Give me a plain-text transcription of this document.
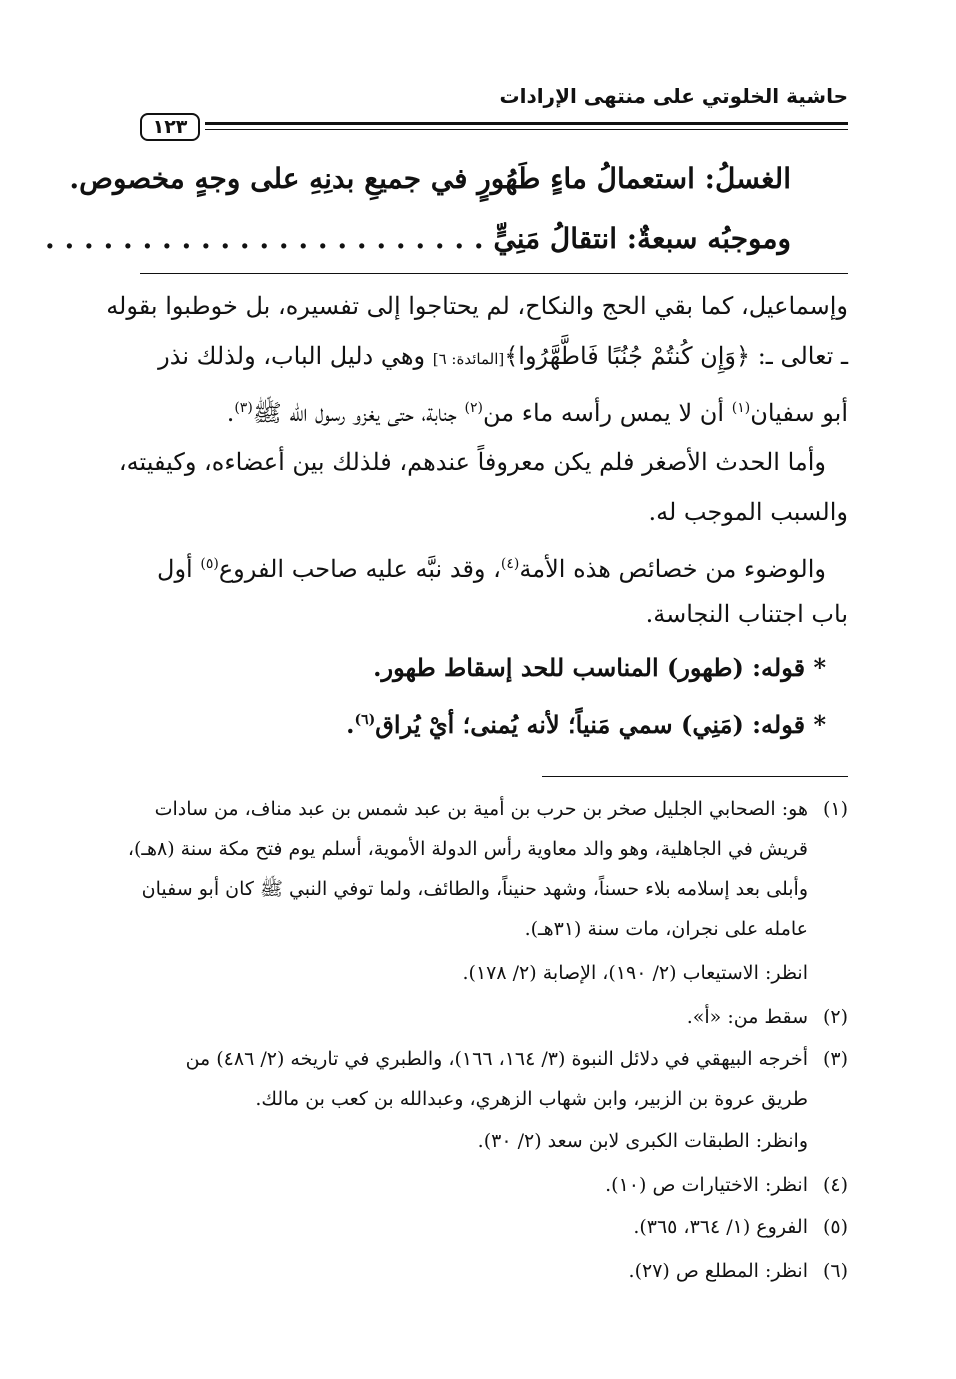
حاشية الخلوتي على منتهى الإرادات
١٢٣
الغسلُ: استعمالُ ماءٍ طَهُورٍ في جميعِ بدنِهِ على وجهٍ مخصوص.
وموجبُه سبعةٌ: انتقالُ مَنِيٍّ . . . . . . . . . . . . . . . . . . . . . . .
وإسماعيل، كما بقي الحج والنكاح، لم يحتاجوا إلى تفسيره، بل خوطبوا بقوله
ـ تعالى ـ: ﴿وَإِن كُنتُمْ جُنُبًا فَاطَّهَّرُوا﴾[المائدة: ٦] وهي دليل الباب، ولذلك نذر
أبو سفيان$^{(١)}$ أن لا يمس رأسه ماء من$^{(٢)}$ جنابة، حتى يغزو رسول الله ﷺ$^{(٣)}$.
وأما الحدث الأصغر فلم يكن معروفاً عندهم، فلذلك بين أعضاءه، وكيفيته،
والسبب الموجب له.
والوضوء من خصائص هذه الأمة$^{(٤)}$، وقد نبَّه عليه صاحب الفروع$^{(٥)}$ أول
باب اجتناب النجاسة.
* قوله: (طهور) المناسب للحد إسقاط طهور.
* قوله: (مَنِي) سمي مَنياً؛ لأنه يُمنى؛ أيْ يُراق$^{(٦)}$.
(١)هو: الصحابي الجليل صخر بن حرب بن أمية بن عبد شمس بن عبد مناف، من سادات
قريش في الجاهلية، وهو والد معاوية رأس الدولة الأموية، أسلم يوم فتح مكة سنة (٨هـ)،
وأبلى بعد إسلامه بلاء حسناً، وشهد حنيناً، والطائف، ولما توفي النبي ﷺ كان أبو سفيان
عامله على نجران، مات سنة (٣١هـ).
انظر: الاستيعاب (٢/ ١٩٠)، الإصابة (٢/ ١٧٨).
(٢)سقط من: «أ».
(٣)أخرجه البيهقي في دلائل النبوة (٣/ ١٦٤، ١٦٦)، والطبري في تاريخه (٢/ ٤٨٦) من
طريق عروة بن الزبير، وابن شهاب الزهري، وعبدالله بن كعب بن مالك.
وانظر: الطبقات الكبرى لابن سعد (٢/ ٣٠).
(٤)انظر: الاختيارات ص (١٠).
(٥)الفروع (١/ ٣٦٤، ٣٦٥).
(٦)انظر: المطلع ص (٢٧).
